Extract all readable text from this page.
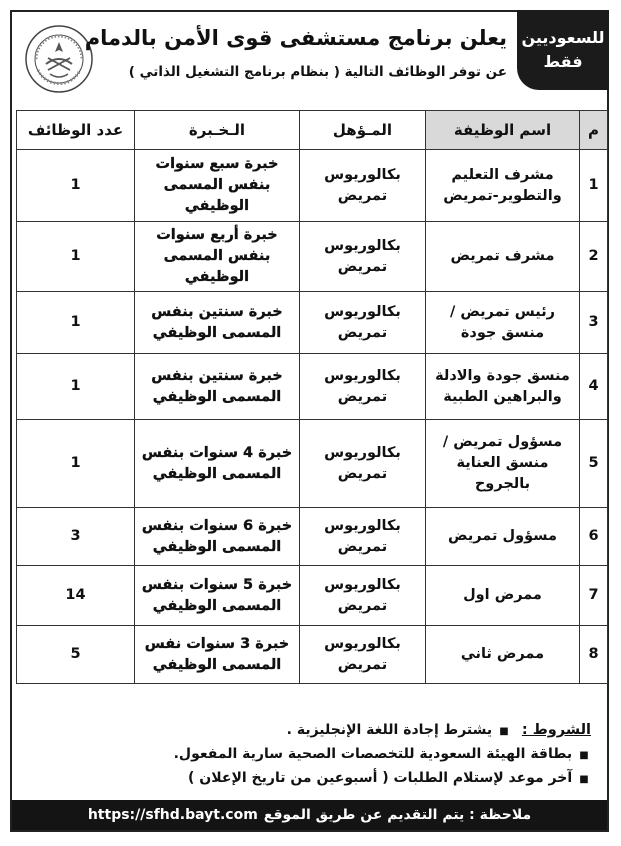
للسعوديين
فقط
يعلن برنامج مستشفى قوى الأمن بالدمام
عن توفر الوظائف التالية ( بنظام برنامج التشغيل الذاتي )
م	اسم الوظيفة	المـؤهل	الـخـبرة	عدد الوظائف
1	مشرف التعليم والتطوير-تمريض	بكالوريوس تمريض	خبرة سبع سنوات بنفس المسمى الوظيفي	1
2	مشرف تمريض	بكالوريوس تمريض	خبرة أربع سنوات بنفس المسمى الوظيفي	1
3	رئيس تمريض / منسق جودة	بكالوريوس تمريض	خبرة سنتين بنفس المسمى الوظيفي	1
4	منسق جودة والادلة والبراهين الطبية	بكالوريوس تمريض	خبرة سنتين بنفس المسمى الوظيفي	1
5	مسؤول تمريض / منسق العناية بالجروح	بكالوريوس تمريض	خبرة 4 سنوات بنفس المسمى الوظيفي	1
6	مسؤول تمريض	بكالوريوس تمريض	خبرة 6 سنوات بنفس المسمى الوظيفي	3
7	ممرض اول	بكالوريوس تمريض	خبرة 5 سنوات بنفس المسمى الوظيفي	14
8	ممرض ثاني	بكالوريوس تمريض	خبرة 3 سنوات نفس المسمى الوظيفي	5
الشروط : ■ يشترط إجادة اللغة الإنجليزية .
■ بطاقة الهيئة السعودية للتخصصات الصحية سارية المفعول.
■ آخر موعد لإستلام الطلبات ( أسبوعين من تاريخ الإعلان )
ملاحظة : يتم التقديم عن طريق الموقع
https://sfhd.bayt.com
